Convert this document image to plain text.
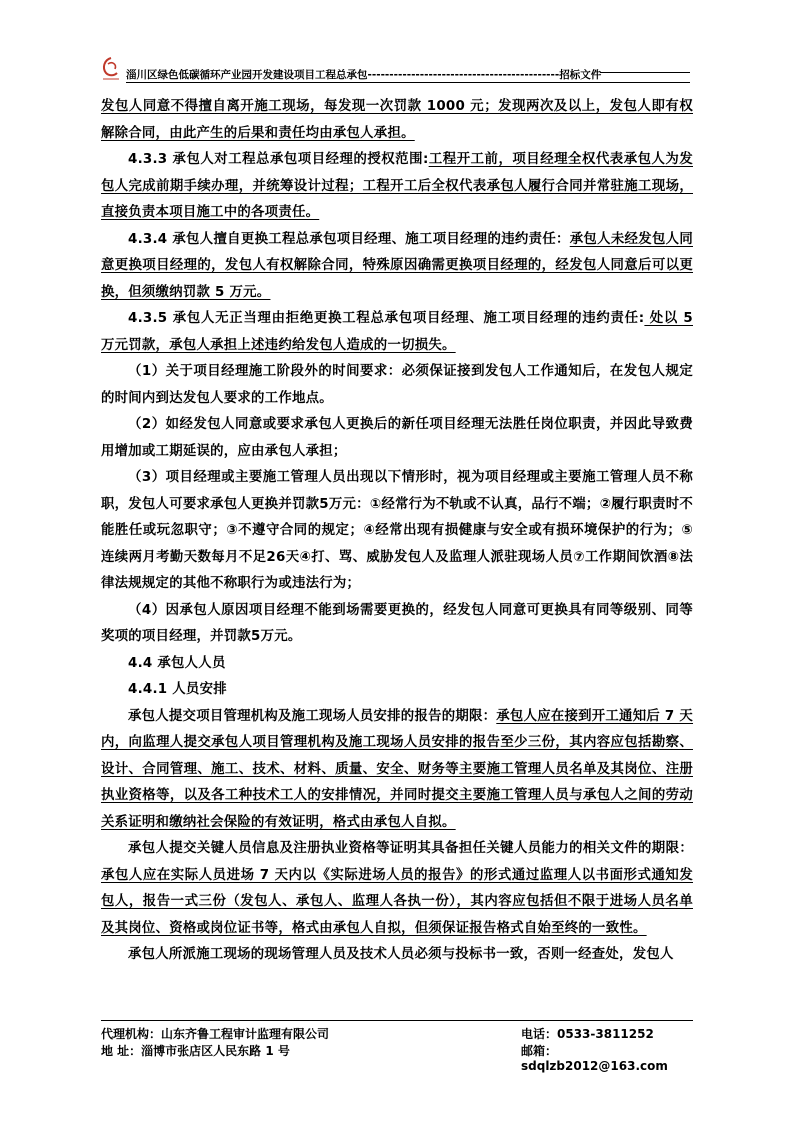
淄川区绿色低碳循环产业园开发建设项目工程总承包--------------------------------------------招标文件

发包人同意不得擅自离开施工现场，每发现一次罚款 1000 元；发现两次及以上，发包人即有权解除合同，由此产生的后果和责任均由承包人承担。

4.3.3 承包人对工程总承包项目经理的授权范围:工程开工前，项目经理全权代表承包人为发包人完成前期手续办理，并统筹设计过程；工程开工后全权代表承包人履行合同并常驻施工现场，直接负责本项目施工中的各项责任。

4.3.4 承包人擅自更换工程总承包项目经理、施工项目经理的违约责任：承包人未经发包人同意更换项目经理的，发包人有权解除合同，特殊原因确需更换项目经理的，经发包人同意后可以更换，但须缴纳罚款 5 万元。

4.3.5 承包人无正当理由拒绝更换工程总承包项目经理、施工项目经理的违约责任: 处以 5 万元罚款，承包人承担上述违约给发包人造成的一切损失。

（1）关于项目经理施工阶段外的时间要求：必须保证接到发包人工作通知后，在发包人规定的时间内到达发包人要求的工作地点。

（2）如经发包人同意或要求承包人更换后的新任项目经理无法胜任岗位职责，并因此导致费用增加或工期延误的，应由承包人承担；

（3）项目经理或主要施工管理人员出现以下情形时，视为项目经理或主要施工管理人员不称职，发包人可要求承包人更换并罚款5万元：①经常行为不轨或不认真，品行不端；②履行职责时不能胜任或玩忽职守；③不遵守合同的规定；④经常出现有损健康与安全或有损环境保护的行为；⑤连续两月考勤天数每月不足26天④打、骂、威胁发包人及监理人派驻现场人员⑦工作期间饮酒⑧法律法规规定的其他不称职行为或违法行为；

（4）因承包人原因项目经理不能到场需要更换的，经发包人同意可更换具有同等级别、同等奖项的项目经理，并罚款5万元。

4.4 承包人人员

4.4.1 人员安排

承包人提交项目管理机构及施工现场人员安排的报告的期限：承包人应在接到开工通知后 7 天内，向监理人提交承包人项目管理机构及施工现场人员安排的报告至少三份，其内容应包括勘察、设计、合同管理、施工、技术、材料、质量、安全、财务等主要施工管理人员名单及其岗位、注册执业资格等，以及各工种技术工人的安排情况，并同时提交主要施工管理人员与承包人之间的劳动关系证明和缴纳社会保险的有效证明，格式由承包人自拟。

承包人提交关键人员信息及注册执业资格等证明其具备担任关键人员能力的相关文件的期限：承包人应在实际人员进场 7 天内以《实际进场人员的报告》的形式通过监理人以书面形式通知发包人，报告一式三份（发包人、承包人、监理人各执一份），其内容应包括但不限于进场人员名单及其岗位、资格或岗位证书等，格式由承包人自拟，但须保证报告格式自始至终的一致性。

承包人所派施工现场的现场管理人员及技术人员必须与投标书一致，否则一经查处，发包人

代理机构：山东齐鲁工程审计监理有限公司	电话：0533-3811252
地 址：淄博市张店区人民东路 1 号	邮箱：sdqlzb2012@163.com
